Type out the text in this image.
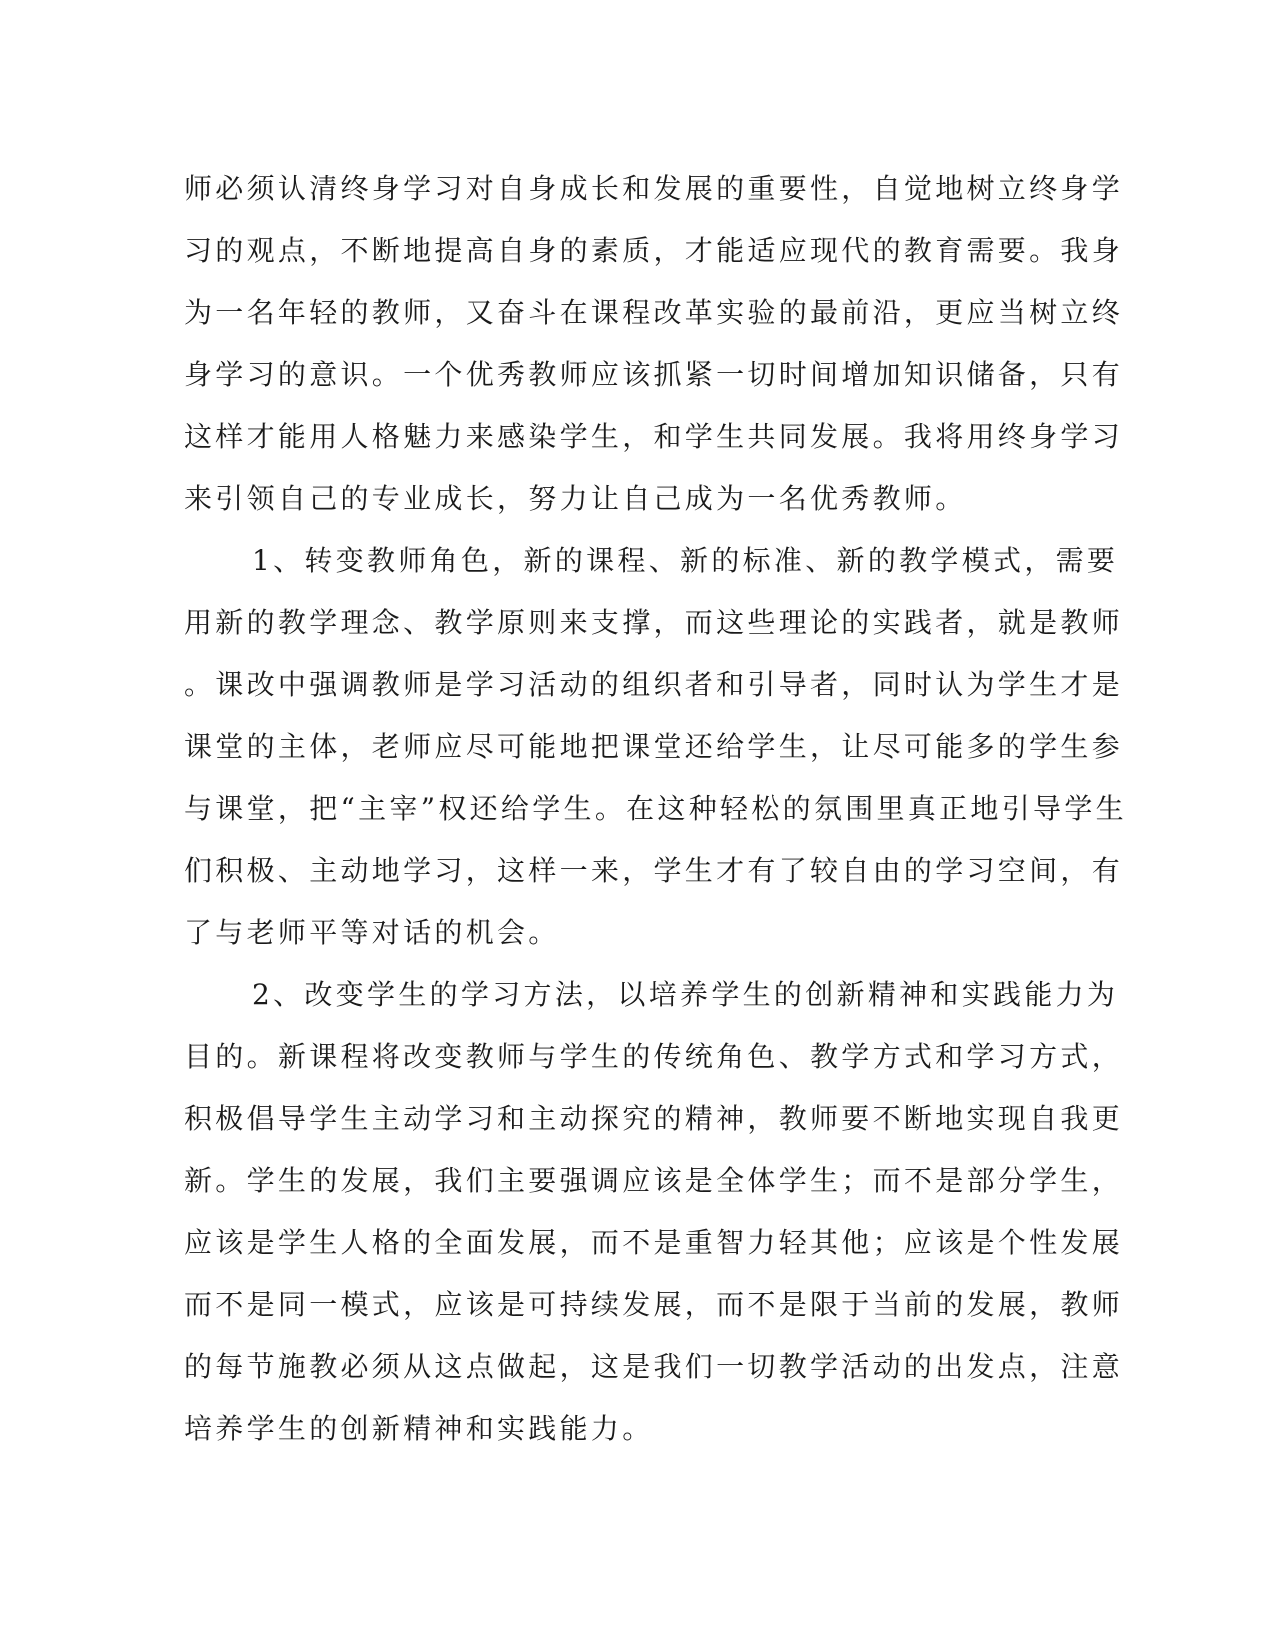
师必须认清终身学习对自身成长和发展的重要性，自觉地树立终身学
习的观点，不断地提高自身的素质，才能适应现代的教育需要。我身
为一名年轻的教师，又奋斗在课程改革实验的最前沿，更应当树立终
身学习的意识。一个优秀教师应该抓紧一切时间增加知识储备，只有
这样才能用人格魅力来感染学生，和学生共同发展。我将用终身学习
来引领自己的专业成长，努力让自己成为一名优秀教师。
1、转变教师角色，新的课程、新的标准、新的教学模式，需要
用新的教学理念、教学原则来支撑，而这些理论的实践者，就是教师
。课改中强调教师是学习活动的组织者和引导者，同时认为学生才是
课堂的主体，老师应尽可能地把课堂还给学生，让尽可能多的学生参
与课堂，把“主宰”权还给学生。在这种轻松的氛围里真正地引导学生
们积极、主动地学习，这样一来，学生才有了较自由的学习空间，有
了与老师平等对话的机会。
2、改变学生的学习方法，以培养学生的创新精神和实践能力为
目的。新课程将改变教师与学生的传统角色、教学方式和学习方式，
积极倡导学生主动学习和主动探究的精神，教师要不断地实现自我更
新。学生的发展，我们主要强调应该是全体学生；而不是部分学生，
应该是学生人格的全面发展，而不是重智力轻其他；应该是个性发展
而不是同一模式，应该是可持续发展，而不是限于当前的发展，教师
的每节施教必须从这点做起，这是我们一切教学活动的出发点，注意
培养学生的创新精神和实践能力。
